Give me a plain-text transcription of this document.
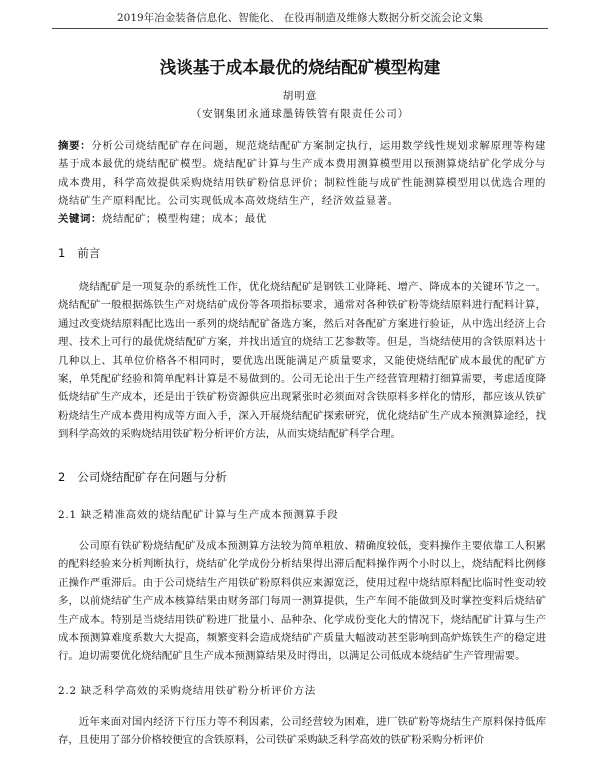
2019年冶金装备信息化、智能化、 在役再制造及维修大数据分析交流会论文集
浅谈基于成本最优的烧结配矿模型构建
胡明意
（安钢集团永通球墨铸铁管有限责任公司）
摘要：分析公司烧结配矿存在问题，规范烧结配矿方案制定执行，运用数学线性规划求解原理等构建基于成本最优的烧结配矿模型。烧结配矿计算与生产成本费用测算模型用以预测算烧结矿化学成分与成本费用，科学高效提供采购烧结用铁矿粉信息评价；制粒性能与成矿性能测算模型用以优选合理的烧结矿生产原料配比。公司实现低成本高效烧结生产，经济效益显著。
关键词：烧结配矿；模型构建；成本；最优
1 前言

烧结配矿是一项复杂的系统性工作，优化烧结配矿是钢铁工业降耗、增产、降成本的关键环节之一。烧结配矿一般根据炼铁生产对烧结矿成份等各项指标要求，通常对各种铁矿粉等烧结原料进行配料计算，通过改变烧结原料配比选出一系列的烧结配矿备选方案，然后对各配矿方案进行验证，从中选出经济上合理、技术上可行的最优烧结配矿方案，并找出适宜的烧结工艺参数等。但是，当烧结使用的含铁原料达十几种以上、其单位价格各不相同时，要优选出既能满足产质量要求，又能使烧结配矿成本最优的配矿方案，单凭配矿经验和简单配料计算是不易做到的。公司无论出于生产经营管理精打细算需要，考虑适度降低烧结矿生产成本，还是出于铁矿粉资源供应出现紧张时必须面对含铁原料多样化的情形，都应该从铁矿粉烧结生产成本费用构成等方面入手，深入开展烧结配矿探索研究，优化烧结矿生产成本预测算途经，找到科学高效的采购烧结用铁矿粉分析评价方法，从而实烧结配矿科学合理。

2 公司烧结配矿存在问题与分析
2.1 缺乏精准高效的烧结配矿计算与生产成本预测算手段

公司原有铁矿粉烧结配矿及成本预测算方法较为简单粗放、精确度较低，变料操作主要依靠工人积累的配料经验来分析判断执行，烧结矿化学成份分析结果得出滞后配料操作两个小时以上，烧结配料比例修正操作严重滞后。由于公司烧结生产用铁矿粉原料供应来源宽泛，使用过程中烧结原料配比临时性变动较多，以前烧结矿生产成本核算结果由财务部门每周一测算提供，生产车间不能做到及时掌控变料后烧结矿生产成本。特别是当烧结用铁矿粉进厂批量小、品种杂、化学成份变化大的情况下，烧结配矿计算与生产成本预测算难度系数大大提高，频繁变料会造成烧结矿产质量大幅波动甚至影响到高炉炼铁生产的稳定进行。迫切需要优化烧结配矿且生产成本预测算结果及时得出，以满足公司低成本烧结矿生产管理需要。

2.2 缺乏科学高效的采购烧结用铁矿粉分析评价方法

近年来面对国内经济下行压力等不利因素，公司经营较为困难，进厂铁矿粉等烧结生产原料保持低库存，且使用了部分价格较便宜的含铁原料，公司铁矿采购缺乏科学高效的铁矿粉采购分析评价
